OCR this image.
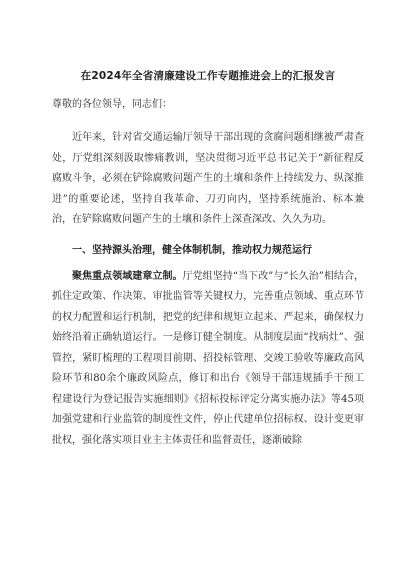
在2024年全省清廉建设工作专题推进会上的汇报发言

尊敬的各位领导，同志们：

近年来，针对省交通运输厅领导干部出现的贪腐问题相继被严肃查处，厅党组深刻汲取惨痛教训，坚决贯彻习近平总书记关于“新征程反腐败斗争，必须在铲除腐败问题产生的土壤和条件上持续发力、纵深推进”的重要论述，坚持自我革命、刀刃向内，坚持系统施治、标本兼治，在铲除腐败问题产生的土壤和条件上深查深改、久久为功。

一、坚持源头治理，健全体制机制，推动权力规范运行

聚焦重点领域建章立制。厅党组坚持“当下改”与“长久治”相结合，抓住定政策、作决策、审批监管等关键权力，完善重点领域、重点环节的权力配置和运行机制，把党的纪律和规矩立起来、严起来，确保权力始终沿着正确轨道运行。一是修订健全制度。从制度层面“找病灶”、强管控，紧盯梳理的工程项目前期、招投标管理、交竣工验收等廉政高风险环节和80余个廉政风险点，修订和出台《领导干部违规插手干预工程建设行为登记报告实施细则》《招标投标评定分离实施办法》等45项加强党建和行业监管的制度性文件，停止代建单位招标权、设计变更审批权，强化落实项目业主主体责任和监督责任，逐渐破除
